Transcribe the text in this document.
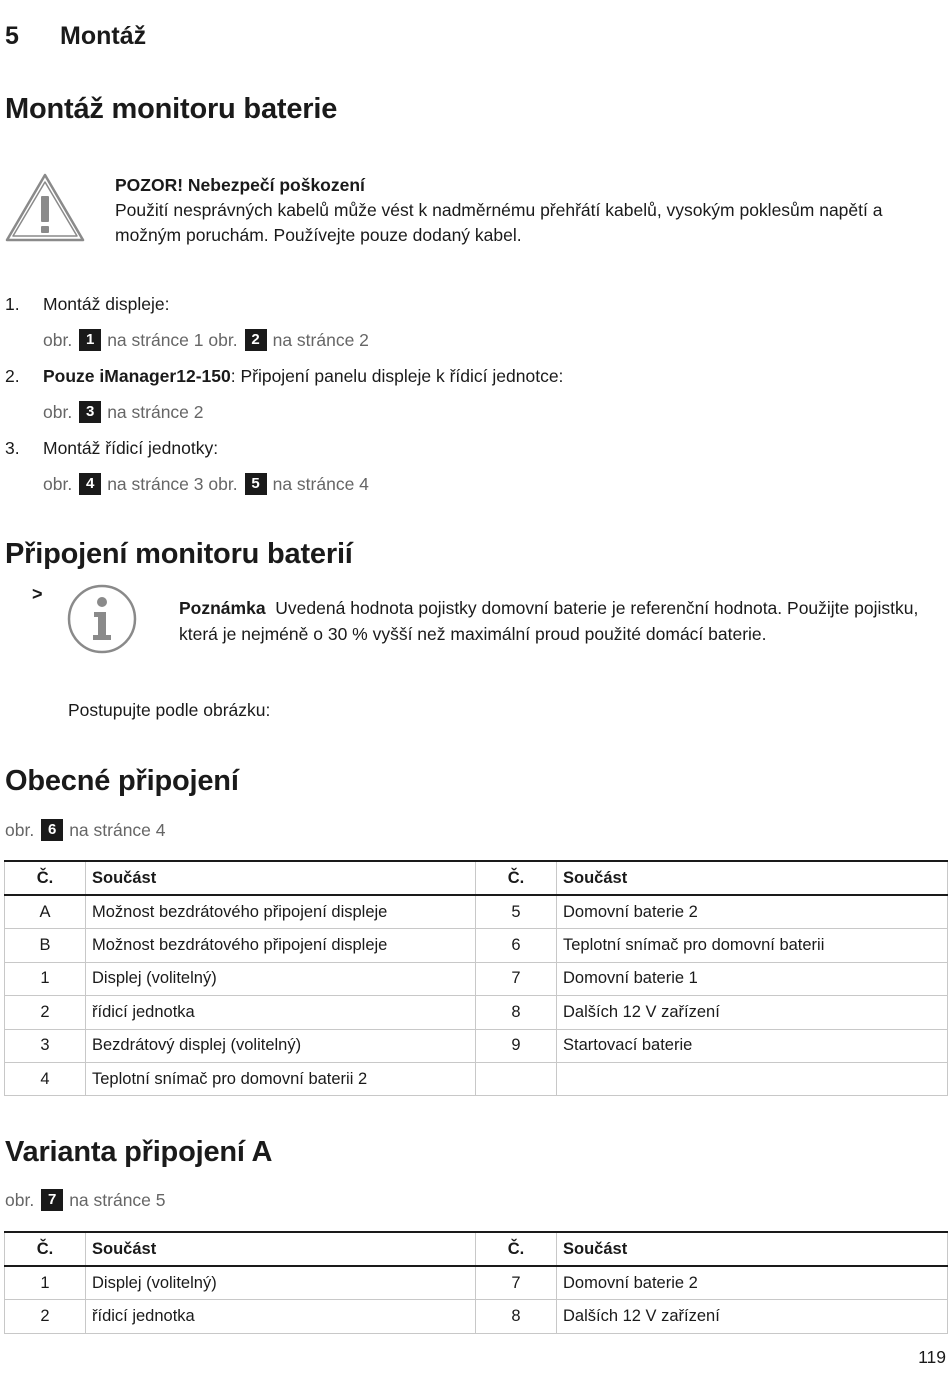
5 Montáž
Montáž monitoru baterie
POZOR! Nebezpečí poškození
Použití nesprávných kabelů může vést k nadměrnému přehřátí kabelů, vysokým poklesům napětí a možným poruchám. Používejte pouze dodaný kabel.
1.	Montáž displeje:
obr. 1 na stránce 1
obr. 2 na stránce 2
2.	Pouze iManager12-150: Připojení panelu displeje k řídicí jednotce:
obr. 3 na stránce 2
3.	Montáž řídicí jednotky:
obr. 4 na stránce 3
obr. 5 na stránce 4
Připojení monitoru baterií
>
Poznámka Uvedená hodnota pojistky domovní baterie je referenční hodnota. Použijte pojistku, která je nejméně o 30 % vyšší než maximální proud použité domácí baterie.
Postupujte podle obrázku:
Obecné připojení
obr. 6 na stránce 4
Č.	Součást	Č.	Součást
A	Možnost bezdrátového připojení displeje	5	Domovní baterie 2
B	Možnost bezdrátového připojení displeje	6	Teplotní snímač pro domovní baterii
1	Displej (volitelný)	7	Domovní baterie 1
2	řídicí jednotka	8	Dalších 12 V zařízení
3	Bezdrátový displej (volitelný)	9	Startovací baterie
4	Teplotní snímač pro domovní baterii 2		
Varianta připojení A
obr. 7 na stránce 5
Č.	Součást	Č.	Součást
1	Displej (volitelný)	7	Domovní baterie 2
2	řídicí jednotka	8	Dalších 12 V zařízení
119
